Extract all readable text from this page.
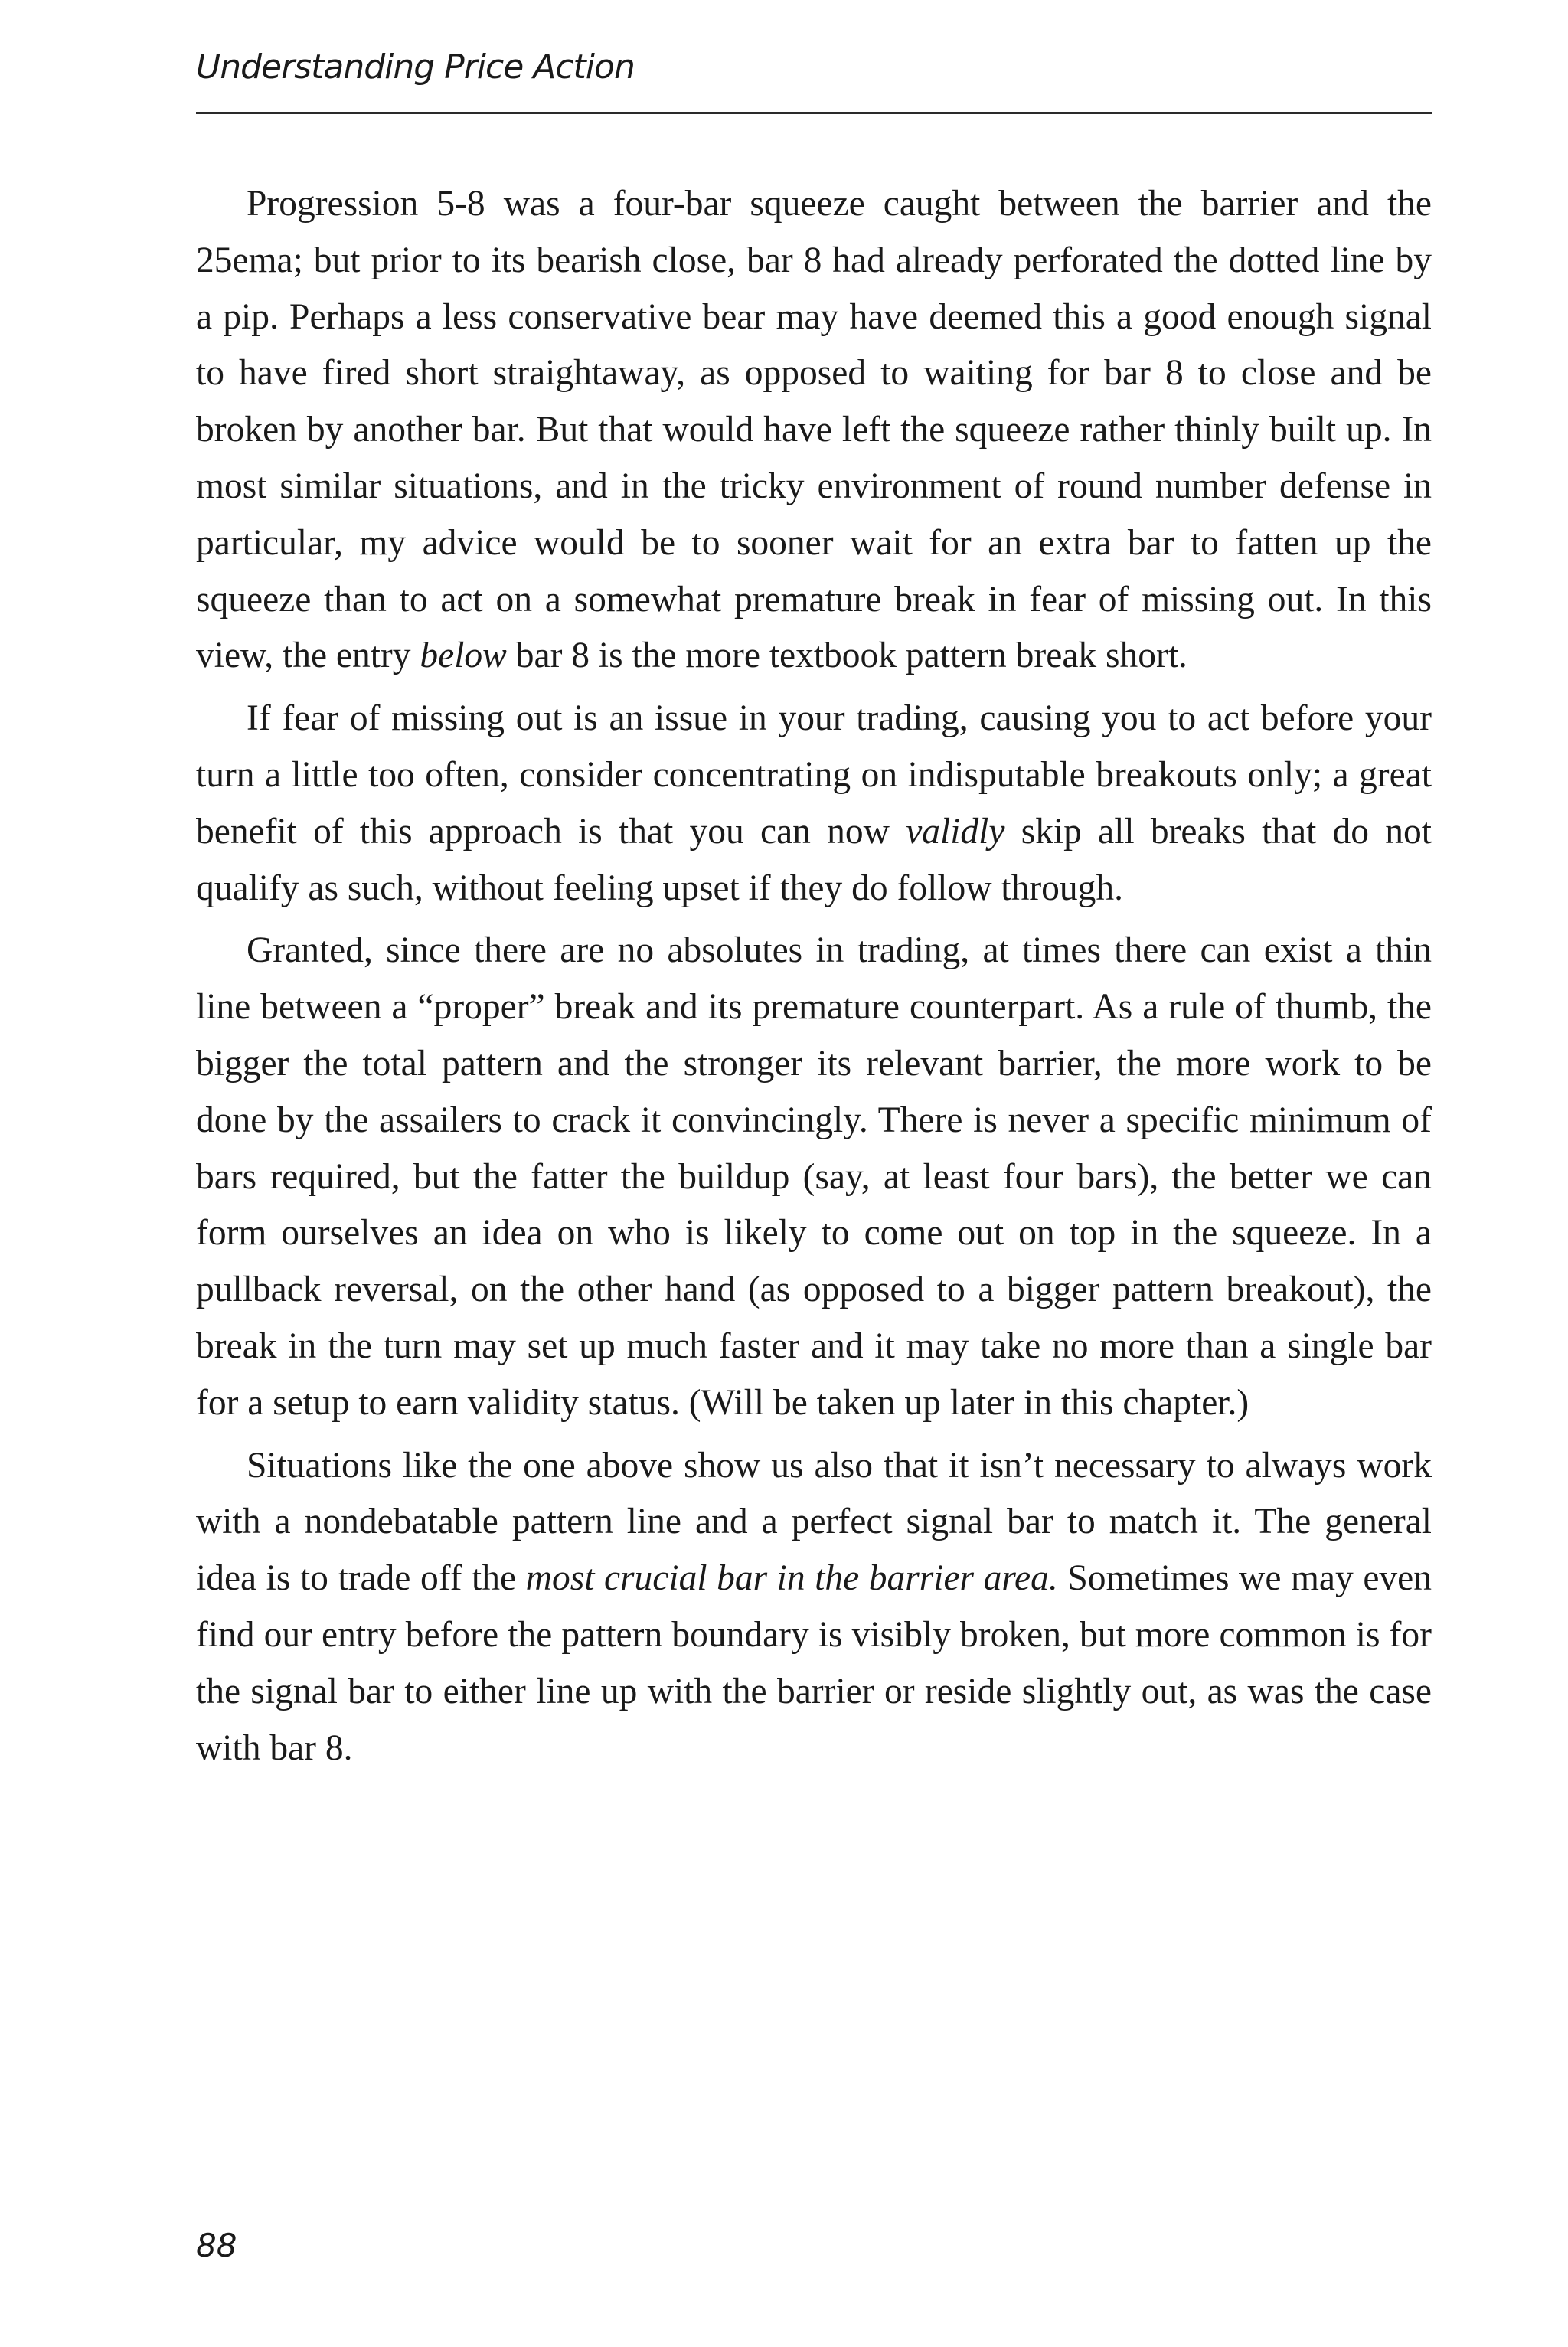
Understanding Price Action

Progression 5-8 was a four-bar squeeze caught between the barrier and the 25ema; but prior to its bearish close, bar 8 had already perforated the dotted line by a pip. Perhaps a less conservative bear may have deemed this a good enough signal to have fired short straightaway, as opposed to waiting for bar 8 to close and be broken by another bar. But that would have left the squeeze rather thinly built up. In most similar situations, and in the tricky environment of round number defense in particular, my advice would be to sooner wait for an extra bar to fatten up the squeeze than to act on a somewhat premature break in fear of missing out. In this view, the entry below bar 8 is the more textbook pattern break short.

If fear of missing out is an issue in your trading, causing you to act before your turn a little too often, consider concentrating on indisputable breakouts only; a great benefit of this approach is that you can now validly skip all breaks that do not qualify as such, without feeling upset if they do follow through.

Granted, since there are no absolutes in trading, at times there can exist a thin line between a “proper” break and its premature counterpart. As a rule of thumb, the bigger the total pattern and the stronger its relevant barrier, the more work to be done by the assailers to crack it convincingly. There is never a specific minimum of bars required, but the fatter the buildup (say, at least four bars), the better we can form ourselves an idea on who is likely to come out on top in the squeeze. In a pullback reversal, on the other hand (as opposed to a bigger pattern breakout), the break in the turn may set up much faster and it may take no more than a single bar for a setup to earn validity status. (Will be taken up later in this chapter.)

Situations like the one above show us also that it isn’t necessary to always work with a nondebatable pattern line and a perfect signal bar to match it. The general idea is to trade off the most crucial bar in the barrier area. Sometimes we may even find our entry before the pattern boundary is visibly broken, but more common is for the signal bar to either line up with the barrier or reside slightly out, as was the case with bar 8.

88
